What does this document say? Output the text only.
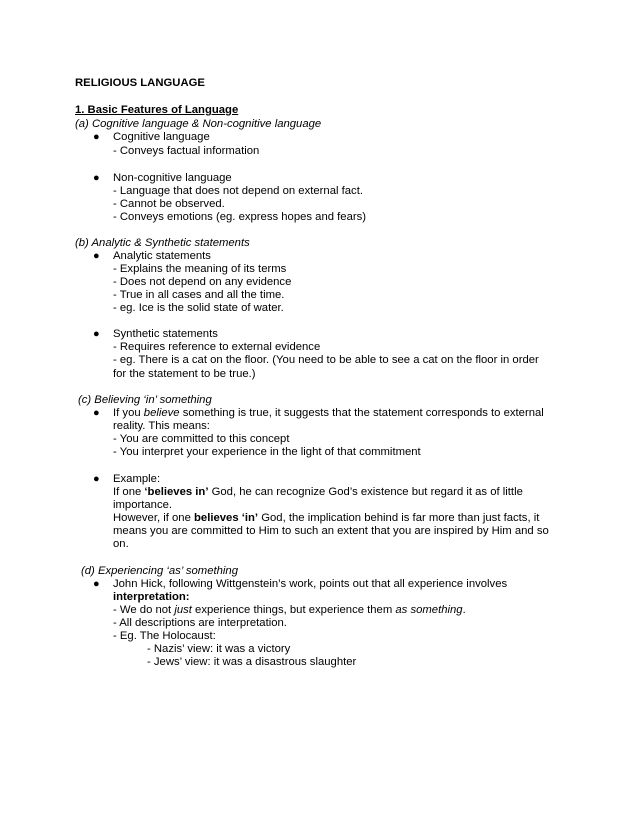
RELIGIOUS LANGUAGE
1. Basic Features of Language
(a) Cognitive language & Non-cognitive language
● Cognitive language
- Conveys factual information
● Non-cognitive language
- Language that does not depend on external fact.
- Cannot be observed.
- Conveys emotions (eg. express hopes and fears)
(b) Analytic & Synthetic statements
● Analytic statements
- Explains the meaning of its terms
- Does not depend on any evidence
- True in all cases and all the time.
- eg. Ice is the solid state of water.
● Synthetic statements
- Requires reference to external evidence
- eg. There is a cat on the floor. (You need to be able to see a cat on the floor in order
for the statement to be true.)
(c) Believing ‘in’ something
● If you believe something is true, it suggests that the statement corresponds to external
reality. This means:
- You are committed to this concept
- You interpret your experience in the light of that commitment
● Example:
If one ‘believes in’ God, he can recognize God’s existence but regard it as of little
importance.
However, if one believes ‘in’ God, the implication behind is far more than just facts, it
means you are committed to Him to such an extent that you are inspired by Him and so
on.
(d) Experiencing ‘as’ something
● John Hick, following Wittgenstein’s work, points out that all experience involves
interpretation:
- We do not just experience things, but experience them as something.
- All descriptions are interpretation.
- Eg. The Holocaust:
- Nazis’ view: it was a victory
- Jews’ view: it was a disastrous slaughter
